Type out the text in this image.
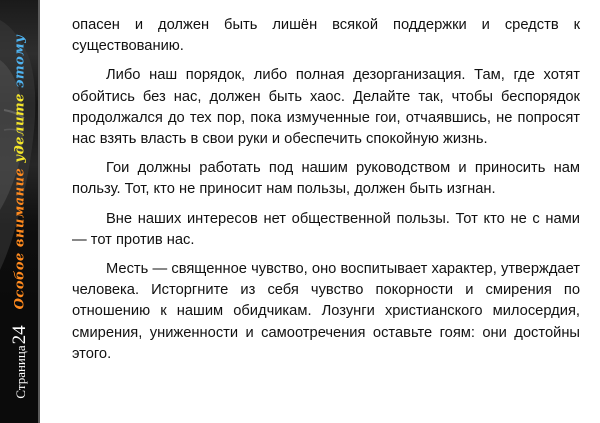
Особое внимание уделите этому
Страница24

опасен и должен быть лишён всякой поддержки и средств к существованию.

Либо наш порядок, либо полная дезорганизация. Там, где хотят обойтись без нас, должен быть хаос. Делайте так, чтобы беспорядок продолжался до тех пор, пока измученные гои, отчаявшись, не попросят нас взять власть в свои руки и обеспечить спокойную жизнь.

Гои должны работать под нашим руководством и приносить нам пользу. Тот, кто не приносит нам пользы, должен быть изгнан.

Вне наших интересов нет общественной пользы. Тот кто не с нами — тот против нас.

Месть — священное чувство, оно воспитывает характер, утверждает человека. Исторгните из себя чувство покорности и смирения по отношению к нашим обидчикам. Лозунги христианского милосердия, смирения, униженности и самоотречения оставьте гоям: они достойны этого.
